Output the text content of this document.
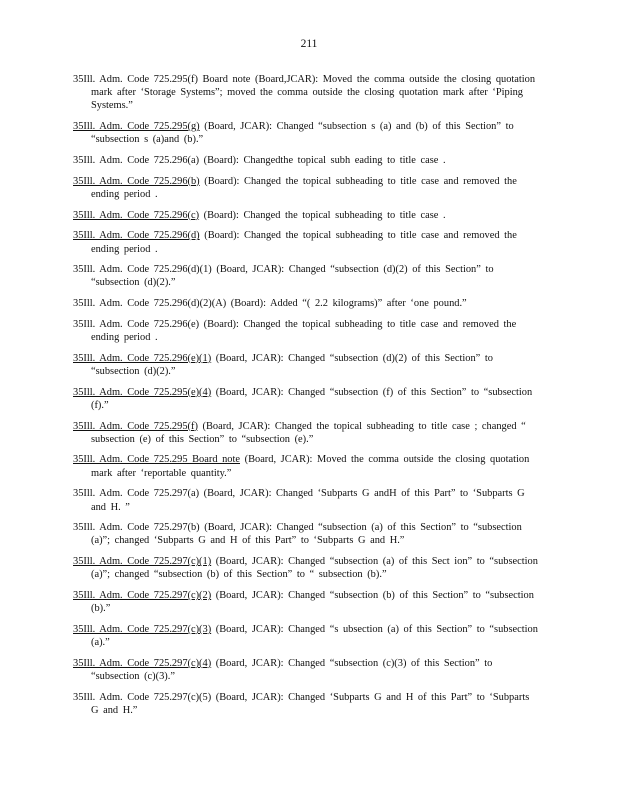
211

35Ill. Adm. Code 725.295(f) Board note (Board,JCAR): Moved the comma outside the closing quotation mark after ‘Storage Systems”; moved the comma outside the closing quotation mark after ‘Piping Systems.”

35Ill. Adm. Code 725.295(g) (Board, JCAR): Changed “subsection s (a) and (b) of this Section” to “subsection s (a)and (b).”

35Ill. Adm. Code 725.296(a) (Board): Changedthe topical subh eading to title case .

35Ill. Adm. Code 725.296(b) (Board): Changed the topical subheading to title case and removed the ending period .

35Ill. Adm. Code 725.296(c) (Board): Changed the topical subheading to title case .

35Ill. Adm. Code 725.296(d) (Board): Changed the topical subheading to title case and removed the ending period .

35Ill. Adm. Code 725.296(d)(1) (Board, JCAR): Changed “subsection (d)(2) of this Section” to “subsection (d)(2).”

35Ill. Adm. Code 725.296(d)(2)(A) (Board): Added “( 2.2 kilograms)” after ‘one pound.”

35Ill. Adm. Code 725.296(e) (Board): Changed the topical subheading to title case and removed the ending period .

35Ill. Adm. Code 725.296(e)(1) (Board, JCAR): Changed “subsection (d)(2) of this Section” to “subsection (d)(2).”

35Ill. Adm. Code 725.295(e)(4) (Board, JCAR): Changed “subsection (f) of this Section” to “subsection (f).”

35Ill. Adm. Code 725.295(f) (Board, JCAR): Changed the topical subheading to title case ; changed “ subsection (e) of this Section” to “subsection (e).”

35Ill. Adm. Code 725.295 Board note (Board, JCAR): Moved the comma outside the closing quotation mark after ‘reportable quantity.”

35Ill. Adm. Code 725.297(a) (Board, JCAR): Changed ‘Subparts G andH of this Part” to ‘Subparts G and H. ”

35Ill. Adm. Code 725.297(b) (Board, JCAR): Changed “subsection (a) of this Section” to “subsection (a)”; changed ‘Subparts G and H of this Part” to ‘Subparts G and H.”

35Ill. Adm. Code 725.297(c)(1) (Board, JCAR): Changed “subsection (a) of this Sect ion” to “subsection (a)”; changed “subsection (b) of this Section” to “ subsection (b).”

35Ill. Adm. Code 725.297(c)(2) (Board, JCAR): Changed “subsection (b) of this Section” to “subsection (b).”

35Ill. Adm. Code 725.297(c)(3) (Board, JCAR): Changed “s ubsection (a) of this Section” to “subsection (a).”

35Ill. Adm. Code 725.297(c)(4) (Board, JCAR): Changed “subsection (c)(3) of this Section” to “subsection (c)(3).”

35Ill. Adm. Code 725.297(c)(5) (Board, JCAR): Changed ‘Subparts G and H of this Part” to ‘Subparts G and H.”
